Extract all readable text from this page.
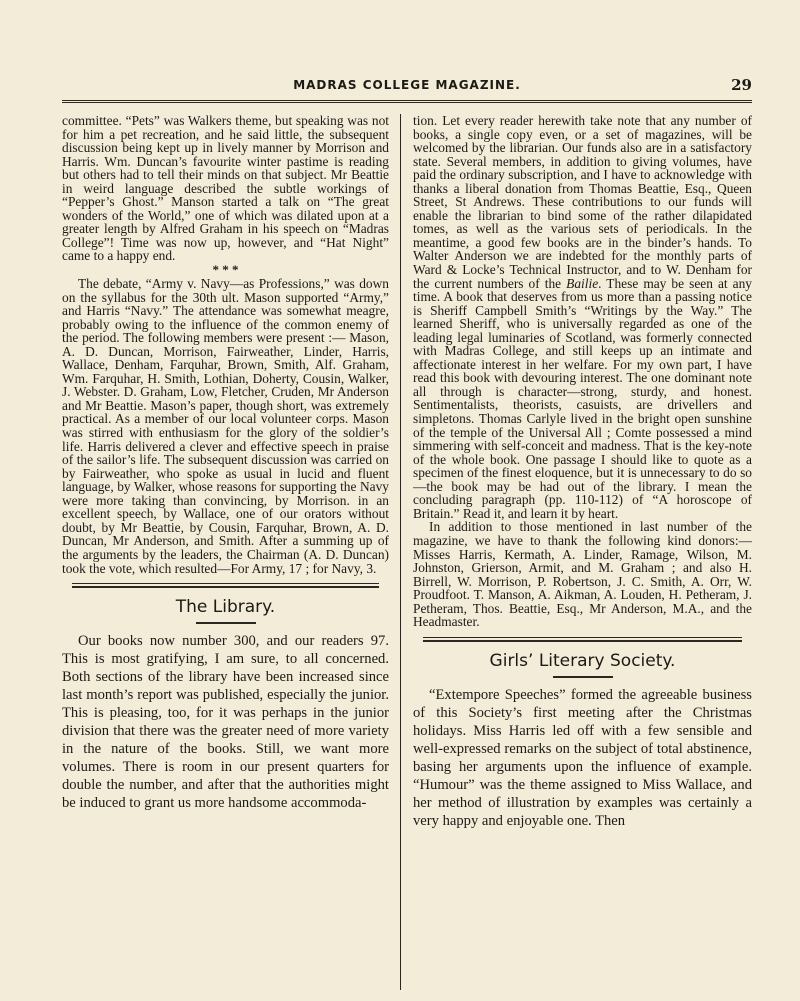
MADRAS COLLEGE MAGAZINE.	29

committee. “Pets” was Walkers theme, but speaking was not for him a pet recreation, and he said little, the subsequent discussion being kept up in lively manner by Morrison and Harris. Wm. Duncan’s favourite winter pastime is reading but others had to tell their minds on that subject. Mr Beattie in weird language described the subtle workings of “Pepper’s Ghost.” Manson started a talk on “The great wonders of the World,” one of which was dilated upon at a greater length by Alfred Graham in his speech on “Madras College”! Time was now up, however, and “Hat Night” came to a happy end.

* * *

The debate, “Army v. Navy—as Professions,” was down on the syllabus for the 30th ult. Mason supported “Army,” and Harris “Navy.” The attendance was somewhat meagre, probably owing to the influence of the common enemy of the period. The following members were present :— Mason, A. D. Duncan, Morrison, Fairweather, Linder, Harris, Wallace, Denham, Farquhar, Brown, Smith, Alf. Graham, Wm. Farquhar, H. Smith, Lothian, Doherty, Cousin, Walker, J. Webster. D. Graham, Low, Fletcher, Cruden, Mr Anderson and Mr Beattie. Mason’s paper, though short, was extremely practical. As a member of our local volunteer corps. Mason was stirred with enthusiasm for the glory of the soldier’s life. Harris delivered a clever and effective speech in praise of the sailor’s life. The subsequent discussion was carried on by Fairweather, who spoke as usual in lucid and fluent language, by Walker, whose reasons for supporting the Navy were more taking than convincing, by Morrison. in an excellent speech, by Wallace, one of our orators without doubt, by Mr Beattie, by Cousin, Farquhar, Brown, A. D. Duncan, Mr Anderson, and Smith. After a summing up of the arguments by the leaders, the Chairman (A. D. Duncan) took the vote, which resulted—For Army, 17 ; for Navy, 3.

The Library.

Our books now number 300, and our readers 97. This is most gratifying, I am sure, to all concerned. Both sections of the library have been increased since last month’s report was published, especially the junior. This is pleasing, too, for it was perhaps in the junior division that there was the greater need of more variety in the nature of the books. Still, we want more volumes. There is room in our present quarters for double the number, and after that the authorities might be induced to grant us more handsome accommoda-

tion. Let every reader herewith take note that any number of books, a single copy even, or a set of magazines, will be welcomed by the librarian. Our funds also are in a satisfactory state. Several members, in addition to giving volumes, have paid the ordinary subscription, and I have to acknowledge with thanks a liberal donation from Thomas Beattie, Esq., Queen Street, St Andrews. These contributions to our funds will enable the librarian to bind some of the rather dilapidated tomes, as well as the various sets of periodicals. In the meantime, a good few books are in the binder’s hands. To Walter Anderson we are indebted for the monthly parts of Ward & Locke’s Technical Instructor, and to W. Denham for the current numbers of the Bailie. These may be seen at any time. A book that deserves from us more than a passing notice is Sheriff Campbell Smith’s “Writings by the Way.” The learned Sheriff, who is universally regarded as one of the leading legal luminaries of Scotland, was formerly connected with Madras College, and still keeps up an intimate and affectionate interest in her welfare. For my own part, I have read this book with devouring interest. The one dominant note all through is character—strong, sturdy, and honest. Sentimentalists, theorists, casuists, are drivellers and simpletons. Thomas Carlyle lived in the bright open sunshine of the temple of the Universal All ; Comte possessed a mind simmering with self-conceit and madness. That is the key-note of the whole book. One passage I should like to quote as a specimen of the finest eloquence, but it is unnecessary to do so—the book may be had out of the library. I mean the concluding paragraph (pp. 110-112) of “A horoscope of Britain.” Read it, and learn it by heart.

In addition to those mentioned in last number of the magazine, we have to thank the following kind donors:—Misses Harris, Kermath, A. Linder, Ramage, Wilson, M. Johnston, Grierson, Armit, and M. Graham ; and also H. Birrell, W. Morrison, P. Robertson, J. C. Smith, A. Orr, W. Proudfoot. T. Manson, A. Aikman, A. Louden, H. Petheram, J. Petheram, Thos. Beattie, Esq., Mr Anderson, M.A., and the Headmaster.

Girls’ Literary Society.

“Extempore Speeches” formed the agreeable business of this Society’s first meeting after the Christmas holidays. Miss Harris led off with a few sensible and well-expressed remarks on the subject of total abstinence, basing her arguments upon the influence of example. “Humour” was the theme assigned to Miss Wallace, and her method of illustration by examples was certainly a very happy and enjoyable one. Then
